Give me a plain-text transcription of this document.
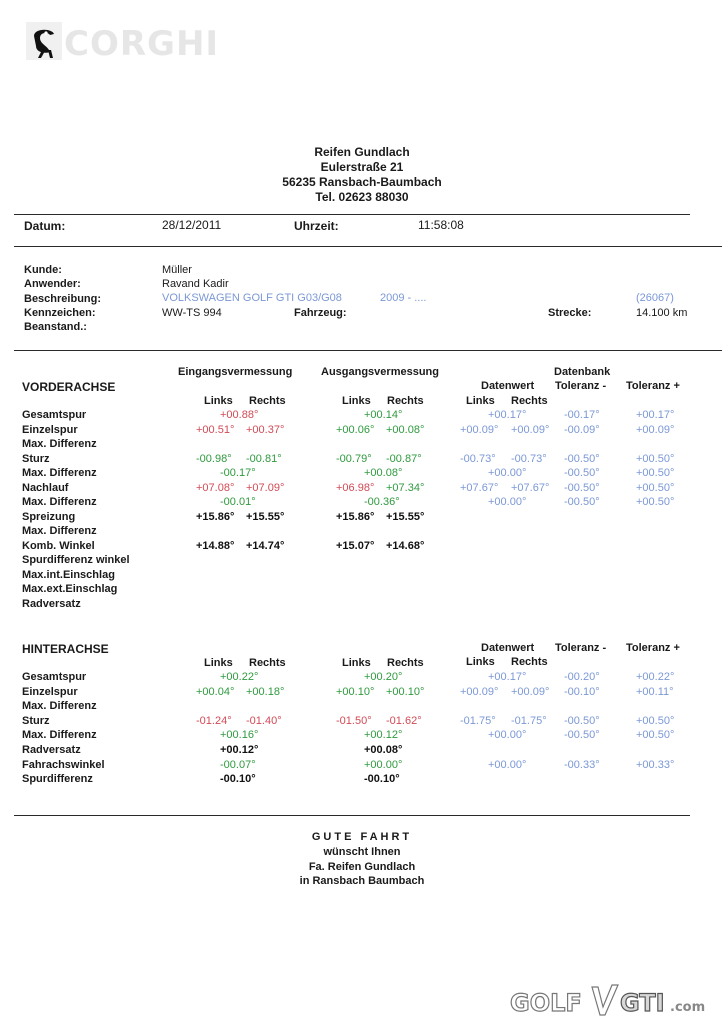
CORGHI
Reifen Gundlach
Eulerstraße 21
56235 Ransbach-Baumbach
Tel. 02623 88030
Datum:	28/12/2011	Uhrzeit:	11:58:08
Kunde:	Müller
Anwender:	Ravand Kadir
Beschreibung:	VOLKSWAGEN GOLF GTI G03/G08	2009 - ....	(26067)
Kennzeichen:	WW-TS 994	Fahrzeug:	Strecke:	14.100 km
Beanstand.:
Eingangsvermessung	Ausgangsvermessung	Datenbank
VORDERACHSE	Datenwert Toleranz - Toleranz +
Links Rechts	Links Rechts	Links Rechts
Gesamtspur	+00.88°	+00.14°	+00.17°	-00.17°	+00.17°
Einzelspur	+00.51° +00.37°	+00.06° +00.08°	+00.09° +00.09° -00.09°	+00.09°
Max. Differenz
Sturz	-00.98° -00.81°	-00.79° -00.87°	-00.73° -00.73° -00.50°	+00.50°
Max. Differenz	-00.17°	+00.08°	+00.00°	-00.50°	+00.50°
Nachlauf	+07.08° +07.09°	+06.98° +07.34°	+07.67° +07.67° -00.50°	+00.50°
Max. Differenz	-00.01°	-00.36°	+00.00°	-00.50°	+00.50°
Spreizung	+15.86° +15.55°	+15.86° +15.55°
Max. Differenz
Komb. Winkel	+14.88° +14.74°	+15.07° +14.68°
Spurdifferenz winkel
Max.int.Einschlag
Max.ext.Einschlag
Radversatz
HINTERACHSE	Datenwert Toleranz - Toleranz +
Links Rechts	Links Rechts	Links Rechts
Gesamtspur	+00.22°	+00.20°	+00.17°	-00.20°	+00.22°
Einzelspur	+00.04° +00.18°	+00.10° +00.10°	+00.09° +00.09° -00.10°	+00.11°
Max. Differenz
Sturz	-01.24° -01.40°	-01.50° -01.62°	-01.75° -01.75° -00.50°	+00.50°
Max. Differenz	+00.16°	+00.12°	+00.00°	-00.50°	+00.50°
Radversatz	+00.12°	+00.08°
Fahrachswinkel	-00.07°	+00.00°	+00.00°	-00.33°	+00.33°
Spurdifferenz	-00.10°	-00.10°
GUTE FAHRT
wünscht Ihnen
Fa. Reifen Gundlach
in Ransbach Baumbach
GOLF GTI .com
